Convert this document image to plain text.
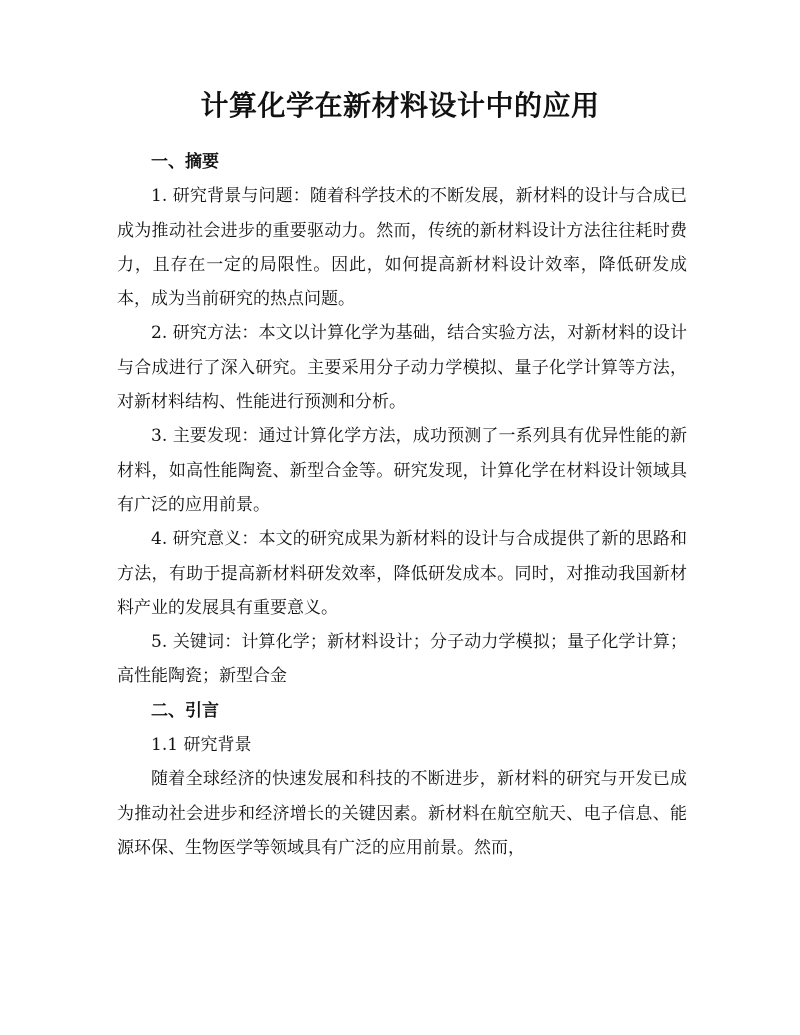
计算化学在新材料设计中的应用

一、摘要

1. 研究背景与问题：随着科学技术的不断发展，新材料的设计与合成已成为推动社会进步的重要驱动力。然而，传统的新材料设计方法往往耗时费力，且存在一定的局限性。因此，如何提高新材料设计效率，降低研发成本，成为当前研究的热点问题。

2. 研究方法：本文以计算化学为基础，结合实验方法，对新材料的设计与合成进行了深入研究。主要采用分子动力学模拟、量子化学计算等方法，对新材料结构、性能进行预测和分析。

3. 主要发现：通过计算化学方法，成功预测了一系列具有优异性能的新材料，如高性能陶瓷、新型合金等。研究发现，计算化学在材料设计领域具有广泛的应用前景。

4. 研究意义：本文的研究成果为新材料的设计与合成提供了新的思路和方法，有助于提高新材料研发效率，降低研发成本。同时，对推动我国新材料产业的发展具有重要意义。

5. 关键词：计算化学；新材料设计；分子动力学模拟；量子化学计算；高性能陶瓷；新型合金

二、引言

1.1 研究背景

随着全球经济的快速发展和科技的不断进步，新材料的研究与开发已成为推动社会进步和经济增长的关键因素。新材料在航空航天、电子信息、能源环保、生物医学等领域具有广泛的应用前景。然而，
